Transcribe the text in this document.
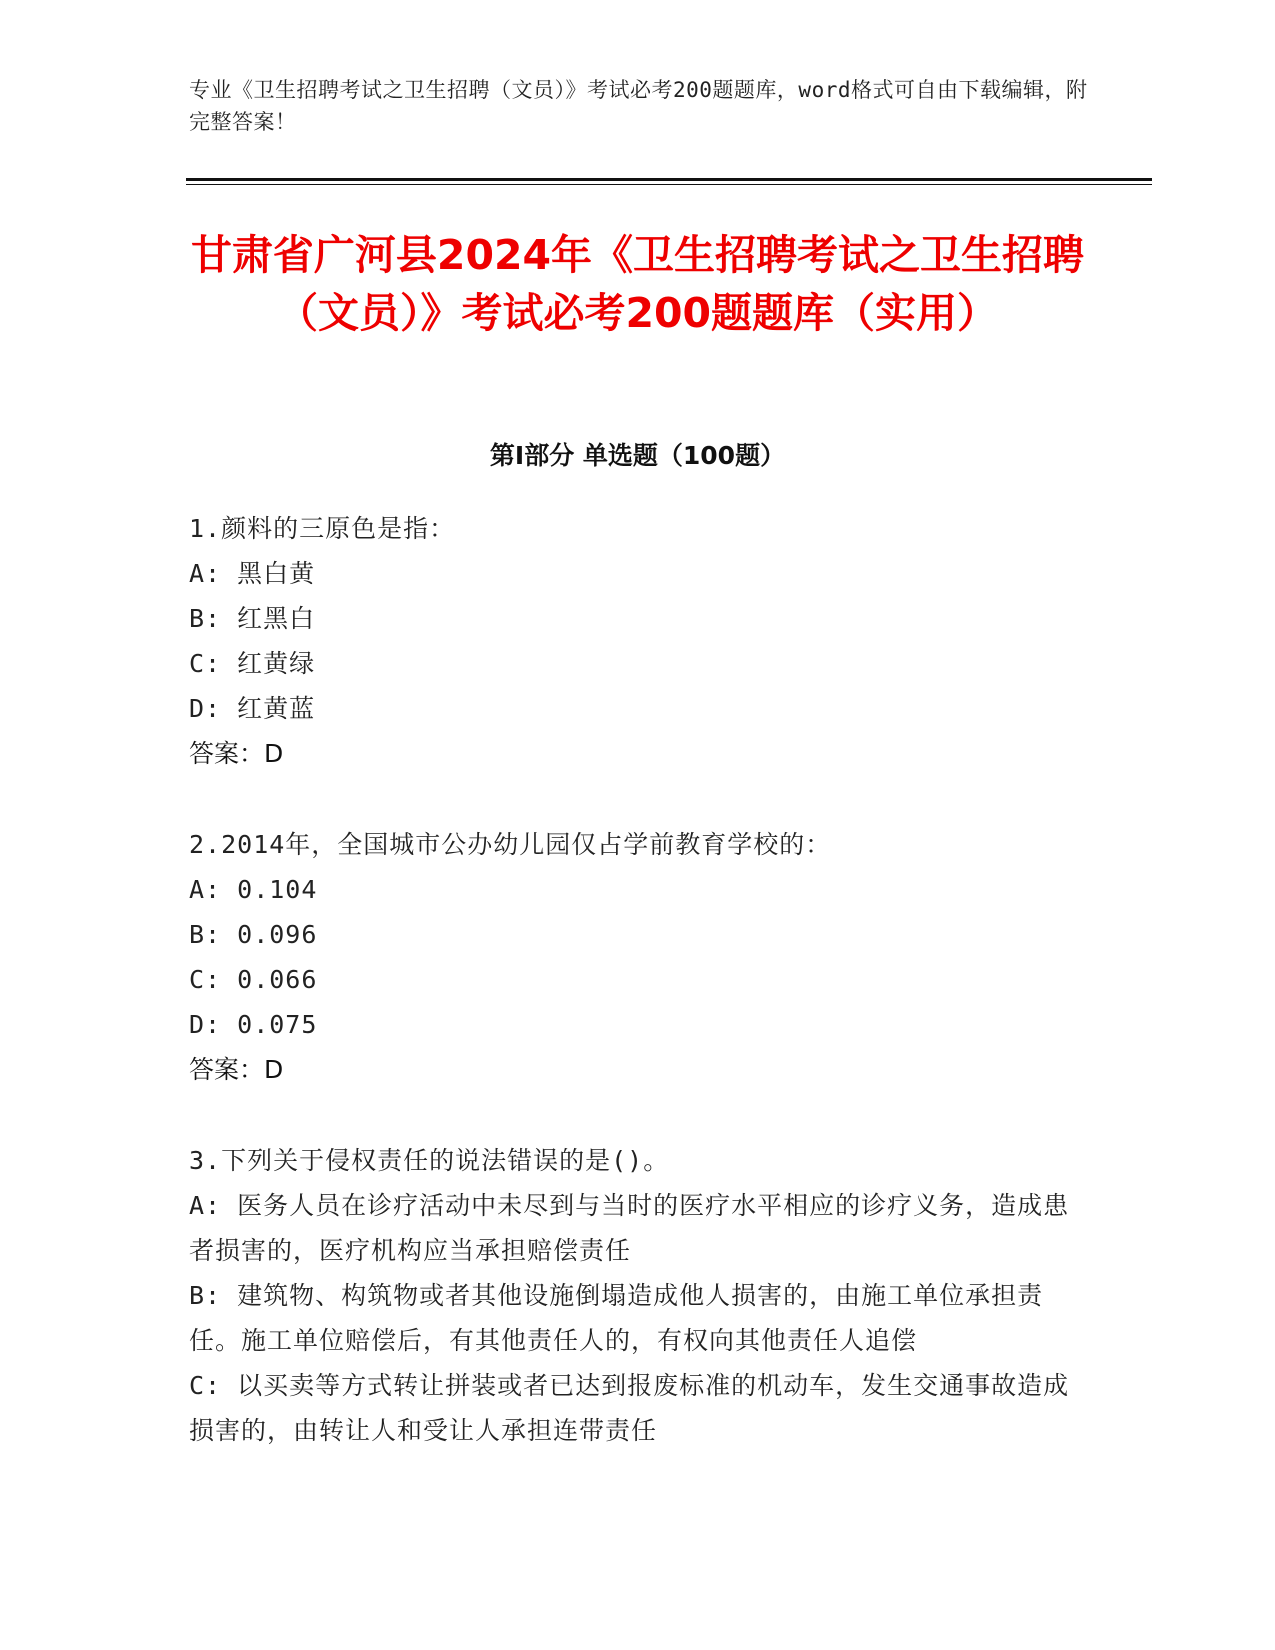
专业《卫生招聘考试之卫生招聘（文员）》考试必考200题题库，word格式可自由下载编辑，附完整答案！
甘肃省广河县2024年《卫生招聘考试之卫生招聘（文员）》考试必考200题题库（实用）
第Ⅰ部分 单选题（100题）
1.颜料的三原色是指：
A: 黑白黄
B: 红黑白
C: 红黄绿
D: 红黄蓝
答案：D
2.2014年，全国城市公办幼儿园仅占学前教育学校的：
A: 0.104
B: 0.096
C: 0.066
D: 0.075
答案：D
3.下列关于侵权责任的说法错误的是()。
A: 医务人员在诊疗活动中未尽到与当时的医疗水平相应的诊疗义务，造成患者损害的，医疗机构应当承担赔偿责任
B: 建筑物、构筑物或者其他设施倒塌造成他人损害的，由施工单位承担责任。施工单位赔偿后，有其他责任人的，有权向其他责任人追偿
C: 以买卖等方式转让拼装或者已达到报废标准的机动车，发生交通事故造成损害的，由转让人和受让人承担连带责任
